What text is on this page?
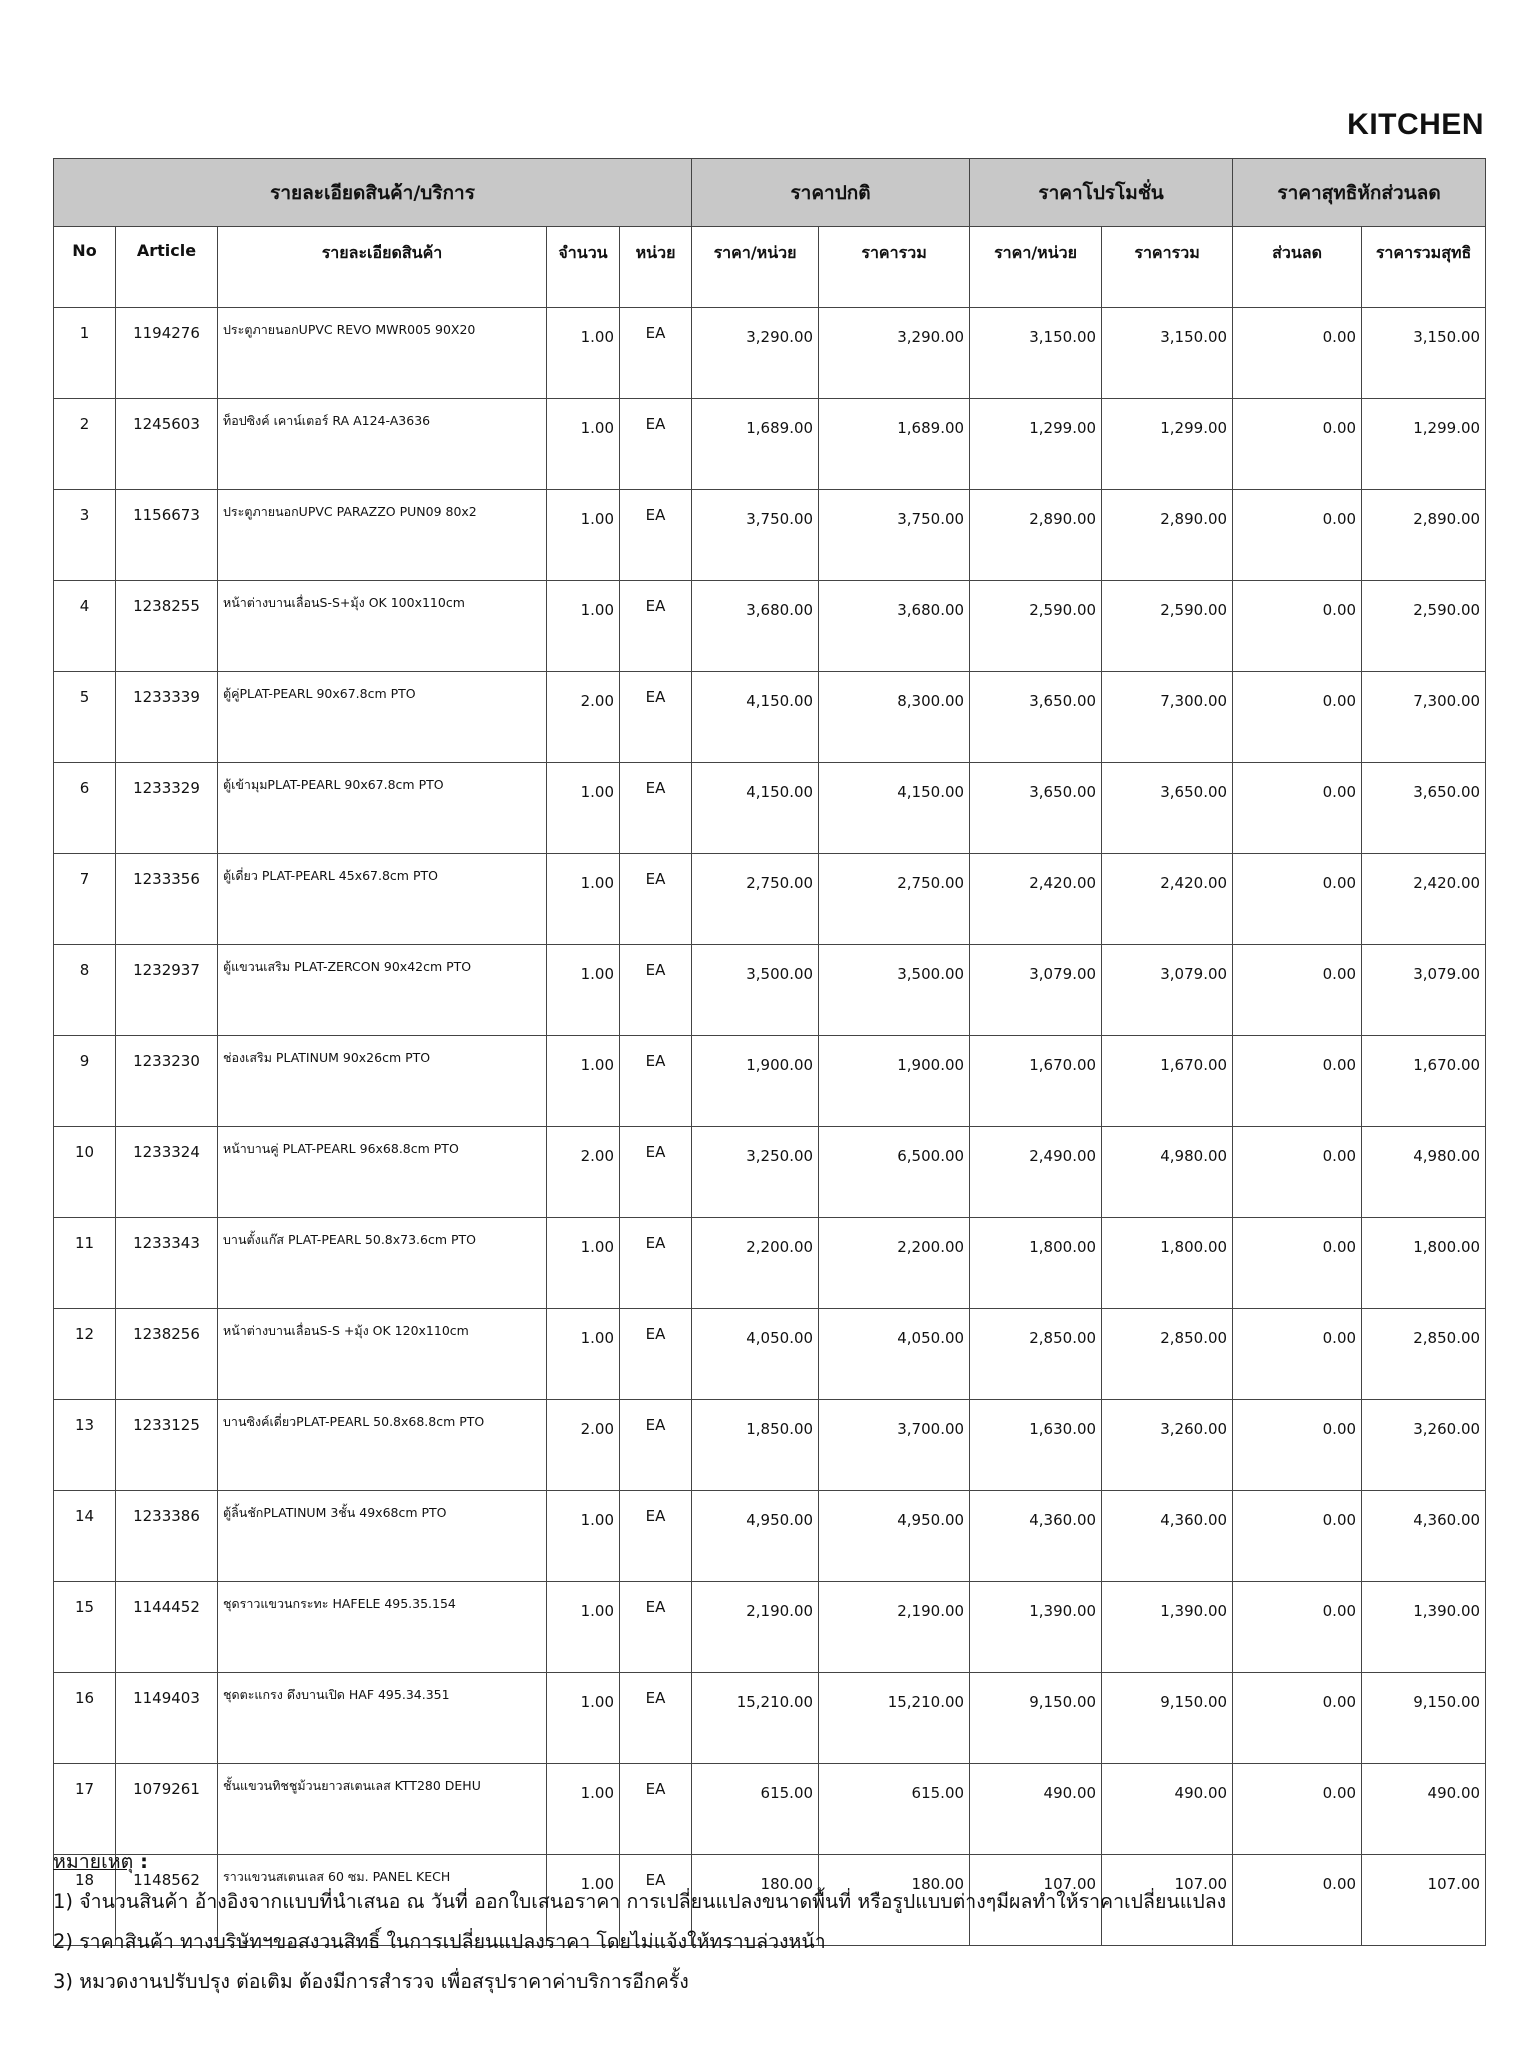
KITCHEN
รายละเอียดสินค้า/บริการ					ราคาปกติ		ราคาโปรโมชั่น		ราคาสุทธิหักส่วนลด	
No	Article	รายละเอียดสินค้า	จำนวน	หน่วย	ราคา/หน่วย	ราคารวม	ราคา/หน่วย	ราคารวม	ส่วนลด	ราคารวมสุทธิ
1	1194276	ประตูภายนอกUPVC REVO MWR005 90X20	1.00	EA	3,290.00	3,290.00	3,150.00	3,150.00	0.00	3,150.00
2	1245603	ท็อปซิงค์ เคาน์เตอร์ RA A124-A3636	1.00	EA	1,689.00	1,689.00	1,299.00	1,299.00	0.00	1,299.00
3	1156673	ประตูภายนอกUPVC PARAZZO PUN09 80x2	1.00	EA	3,750.00	3,750.00	2,890.00	2,890.00	0.00	2,890.00
4	1238255	หน้าต่างบานเลื่อนS-S+มุ้ง OK 100x110cm	1.00	EA	3,680.00	3,680.00	2,590.00	2,590.00	0.00	2,590.00
5	1233339	ตู้คู่PLAT-PEARL 90x67.8cm PTO	2.00	EA	4,150.00	8,300.00	3,650.00	7,300.00	0.00	7,300.00
6	1233329	ตู้เข้ามุมPLAT-PEARL 90x67.8cm PTO	1.00	EA	4,150.00	4,150.00	3,650.00	3,650.00	0.00	3,650.00
7	1233356	ตู้เดี่ยว PLAT-PEARL 45x67.8cm PTO	1.00	EA	2,750.00	2,750.00	2,420.00	2,420.00	0.00	2,420.00
8	1232937	ตู้แขวนเสริม PLAT-ZERCON 90x42cm PTO	1.00	EA	3,500.00	3,500.00	3,079.00	3,079.00	0.00	3,079.00
9	1233230	ช่องเสริม PLATINUM 90x26cm PTO	1.00	EA	1,900.00	1,900.00	1,670.00	1,670.00	0.00	1,670.00
10	1233324	หน้าบานคู่ PLAT-PEARL 96x68.8cm PTO	2.00	EA	3,250.00	6,500.00	2,490.00	4,980.00	0.00	4,980.00
11	1233343	บานตั้งแก๊ส PLAT-PEARL 50.8x73.6cm PTO	1.00	EA	2,200.00	2,200.00	1,800.00	1,800.00	0.00	1,800.00
12	1238256	หน้าต่างบานเลื่อนS-S +มุ้ง OK 120x110cm	1.00	EA	4,050.00	4,050.00	2,850.00	2,850.00	0.00	2,850.00
13	1233125	บานซิงค์เดี่ยวPLAT-PEARL 50.8x68.8cm PTO	2.00	EA	1,850.00	3,700.00	1,630.00	3,260.00	0.00	3,260.00
14	1233386	ตู้ลิ้นชักPLATINUM 3ชั้น 49x68cm PTO	1.00	EA	4,950.00	4,950.00	4,360.00	4,360.00	0.00	4,360.00
15	1144452	ชุดราวแขวนกระทะ HAFELE 495.35.154	1.00	EA	2,190.00	2,190.00	1,390.00	1,390.00	0.00	1,390.00
16	1149403	ชุดตะแกรง ดึงบานเปิด HAF 495.34.351	1.00	EA	15,210.00	15,210.00	9,150.00	9,150.00	0.00	9,150.00
17	1079261	ชั้นแขวนทิชชูม้วนยาวสเตนเลส KTT280 DEHU	1.00	EA	615.00	615.00	490.00	490.00	0.00	490.00
18	1148562	ราวแขวนสเตนเลส 60 ซม. PANEL KECH	1.00	EA	180.00	180.00	107.00	107.00	0.00	107.00
หมายเหตุ :
1) จำนวนสินค้า อ้างอิงจากแบบที่นำเสนอ ณ วันที่ ออกใบเสนอราคา การเปลี่ยนแปลงขนาดพื้นที่ หรือรูปแบบต่างๆมีผลทำให้ราคาเปลี่ยนแปลง
2) ราคาสินค้า ทางบริษัทฯขอสงวนสิทธิ์ ในการเปลี่ยนแปลงราคา โดยไม่แจ้งให้ทราบล่วงหน้า
3) หมวดงานปรับปรุง ต่อเติม ต้องมีการสำรวจ เพื่อสรุปราคาค่าบริการอีกครั้ง
